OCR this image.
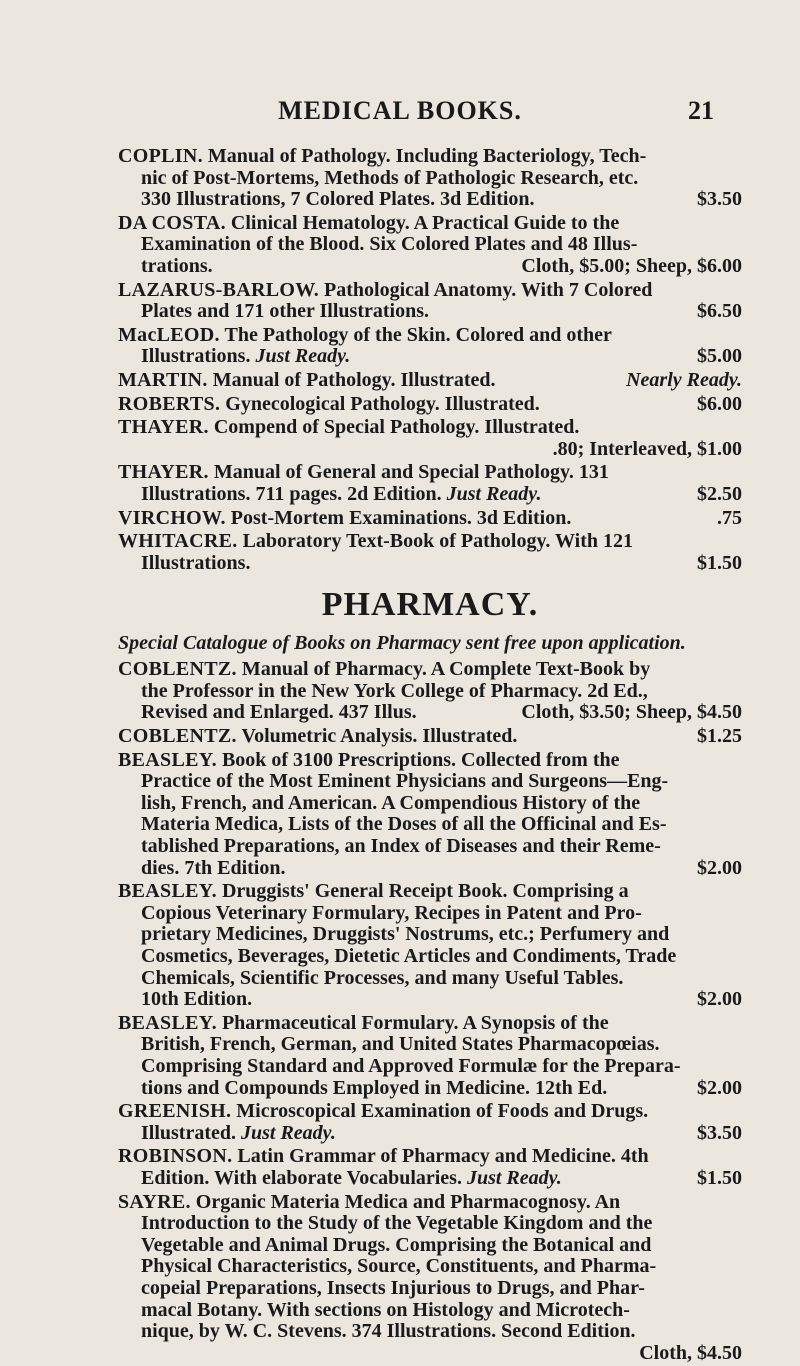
MEDICAL BOOKS.	21
COPLIN. Manual of Pathology. Including Bacteriology, Tech-
nic of Post-Mortems, Methods of Pathologic Research, etc.
330 Illustrations, 7 Colored Plates. 3d Edition.	$3.50
DA COSTA. Clinical Hematology. A Practical Guide to the
Examination of the Blood. Six Colored Plates and 48 Illus-
trations.	Cloth, $5.00; Sheep, $6.00
LAZARUS-BARLOW. Pathological Anatomy. With 7 Colored
Plates and 171 other Illustrations.	$6.50
MacLEOD. The Pathology of the Skin. Colored and other
Illustrations. Just Ready.	$5.00
MARTIN. Manual of Pathology. Illustrated.	Nearly Ready.
ROBERTS. Gynecological Pathology. Illustrated.	$6.00
THAYER. Compend of Special Pathology. Illustrated.
.80; Interleaved, $1.00
THAYER. Manual of General and Special Pathology. 131
Illustrations. 711 pages. 2d Edition. Just Ready.	$2.50
VIRCHOW. Post-Mortem Examinations. 3d Edition.	.75
WHITACRE. Laboratory Text-Book of Pathology. With 121
Illustrations.	$1.50
PHARMACY.
Special Catalogue of Books on Pharmacy sent free upon application.
COBLENTZ. Manual of Pharmacy. A Complete Text-Book by
the Professor in the New York College of Pharmacy. 2d Ed.,
Revised and Enlarged. 437 Illus.	Cloth, $3.50; Sheep, $4.50
COBLENTZ. Volumetric Analysis. Illustrated.	$1.25
BEASLEY. Book of 3100 Prescriptions. Collected from the
Practice of the Most Eminent Physicians and Surgeons—Eng-
lish, French, and American. A Compendious History of the
Materia Medica, Lists of the Doses of all the Officinal and Es-
tablished Preparations, an Index of Diseases and their Reme-
dies. 7th Edition.	$2.00
BEASLEY. Druggists' General Receipt Book. Comprising a
Copious Veterinary Formulary, Recipes in Patent and Pro-
prietary Medicines, Druggists' Nostrums, etc.; Perfumery and
Cosmetics, Beverages, Dietetic Articles and Condiments, Trade
Chemicals, Scientific Processes, and many Useful Tables.
10th Edition.	$2.00
BEASLEY. Pharmaceutical Formulary. A Synopsis of the
British, French, German, and United States Pharmacopœias.
Comprising Standard and Approved Formulæ for the Prepara-
tions and Compounds Employed in Medicine. 12th Ed.	$2.00
GREENISH. Microscopical Examination of Foods and Drugs.
Illustrated. Just Ready.	$3.50
ROBINSON. Latin Grammar of Pharmacy and Medicine. 4th
Edition. With elaborate Vocabularies. Just Ready.	$1.50
SAYRE. Organic Materia Medica and Pharmacognosy. An
Introduction to the Study of the Vegetable Kingdom and the
Vegetable and Animal Drugs. Comprising the Botanical and
Physical Characteristics, Source, Constituents, and Pharma-
copeial Preparations, Insects Injurious to Drugs, and Phar-
macal Botany. With sections on Histology and Microtech-
nique, by W. C. Stevens. 374 Illustrations. Second Edition.
Cloth, $4.50
